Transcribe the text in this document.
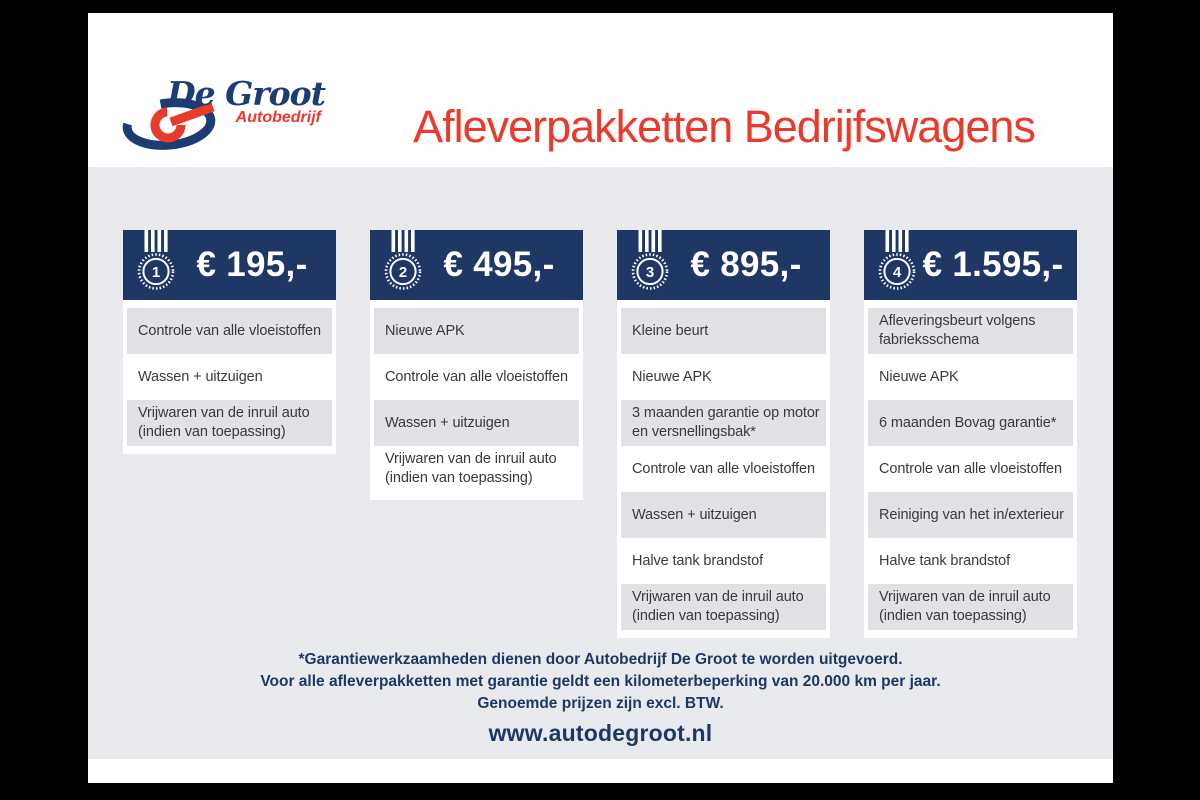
De Groot
Autobedrijf	Afleverpakketten Bedrijfswagens
1	€ 195,-
Controle van alle vloeistoffen
Wassen + uitzuigen
Vrijwaren van de inruil auto (indien van toepassing)
2	€ 495,-
Nieuwe APK
Controle van alle vloeistoffen
Wassen + uitzuigen
Vrijwaren van de inruil auto (indien van toepassing)
3	€ 895,-
Kleine beurt
Nieuwe APK
3 maanden garantie op motor en versnellingsbak*
Controle van alle vloeistoffen
Wassen + uitzuigen
Halve tank brandstof
Vrijwaren van de inruil auto (indien van toepassing)
4 € 1.595,-
Afleveringsbeurt volgens fabrieksschema
Nieuwe APK
6 maanden Bovag garantie*
Controle van alle vloeistoffen
Reiniging van het in/exterieur
Halve tank brandstof
Vrijwaren van de inruil auto (indien van toepassing)
*Garantiewerkzaamheden dienen door Autobedrijf De Groot te worden uitgevoerd.
Voor alle afleverpakketten met garantie geldt een kilometerbeperking van 20.000 km per jaar.
Genoemde prijzen zijn excl. BTW.
www.autodegroot.nl
